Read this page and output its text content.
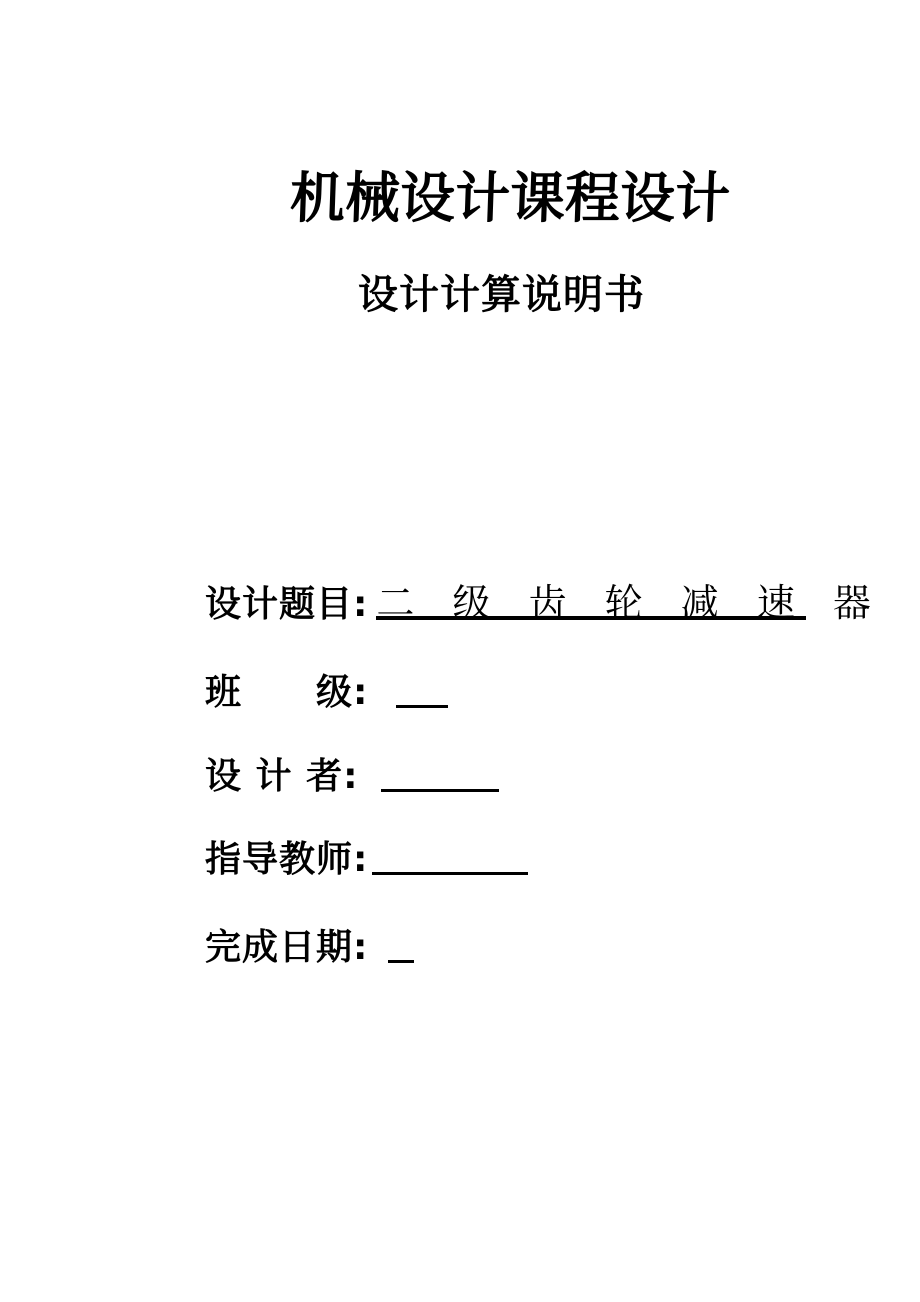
机械设计课程设计
设计计算说明书
设计题目: 二 级 齿 轮 减 速 器
班　　级:
设 计 者:
指导教师:
完成日期:
